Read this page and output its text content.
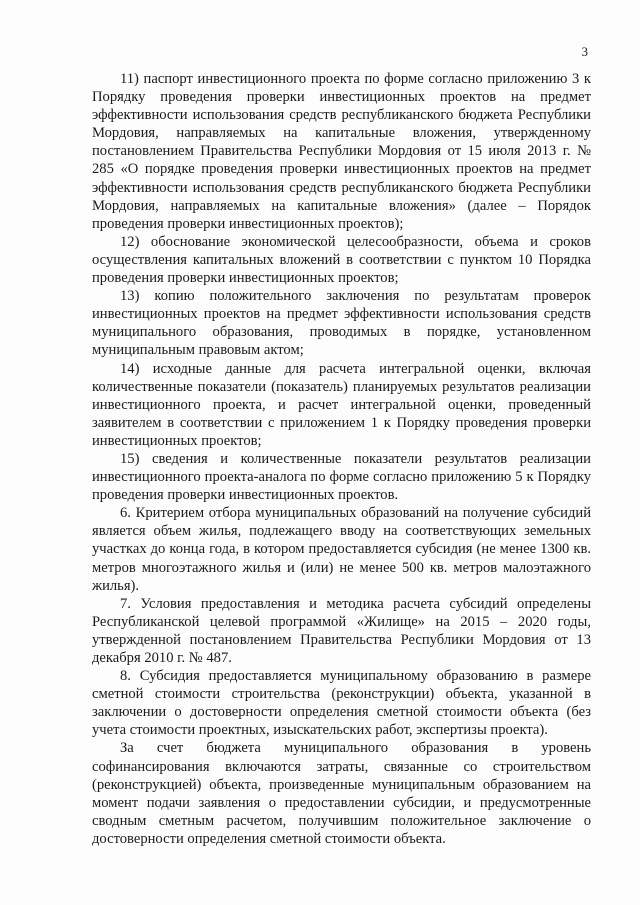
3

11) паспорт инвестиционного проекта по форме согласно приложению 3 к Порядку проведения проверки инвестиционных проектов на предмет эффективности использования средств республиканского бюджета Республики Мордовия, направляемых на капитальные вложения, утвержденному постановлением Правительства Республики Мордовия от 15 июля 2013 г. № 285 «О порядке проведения проверки инвестиционных проектов на предмет эффективности использования средств республиканского бюджета Республики Мордовия, направляемых на капитальные вложения» (далее – Порядок проведения проверки инвестиционных проектов);

12) обоснование экономической целесообразности, объема и сроков осуществления капитальных вложений в соответствии с пунктом 10 Порядка проведения проверки инвестиционных проектов;

13) копию положительного заключения по результатам проверок инвестиционных проектов на предмет эффективности использования средств муниципального образования, проводимых в порядке, установленном муниципальным правовым актом;

14) исходные данные для расчета интегральной оценки, включая количественные показатели (показатель) планируемых результатов реализации инвестиционного проекта, и расчет интегральной оценки, проведенный заявителем в соответствии с приложением 1 к Порядку проведения проверки инвестиционных проектов;

15) сведения и количественные показатели результатов реализации инвестиционного проекта-аналога по форме согласно приложению 5 к Порядку проведения проверки инвестиционных проектов.

6. Критерием отбора муниципальных образований на получение субсидий является объем жилья, подлежащего вводу на соответствующих земельных участках до конца года, в котором предоставляется субсидия (не менее 1300 кв. метров многоэтажного жилья и (или) не менее 500 кв. метров малоэтажного жилья).

7. Условия предоставления и методика расчета субсидий определены Республиканской целевой программой «Жилище» на 2015 – 2020 годы, утвержденной постановлением Правительства Республики Мордовия от 13 декабря 2010 г. № 487.

8. Субсидия предоставляется муниципальному образованию в размере сметной стоимости строительства (реконструкции) объекта, указанной в заключении о достоверности определения сметной стоимости объекта (без учета стоимости проектных, изыскательских работ, экспертизы проекта).

За счет бюджета муниципального образования в уровень софинансирования включаются затраты, связанные со строительством (реконструкцией) объекта, произведенные муниципальным образованием на момент подачи заявления о предоставлении субсидии, и предусмотренные сводным сметным расчетом, получившим положительное заключение о достоверности определения сметной стоимости объекта.
